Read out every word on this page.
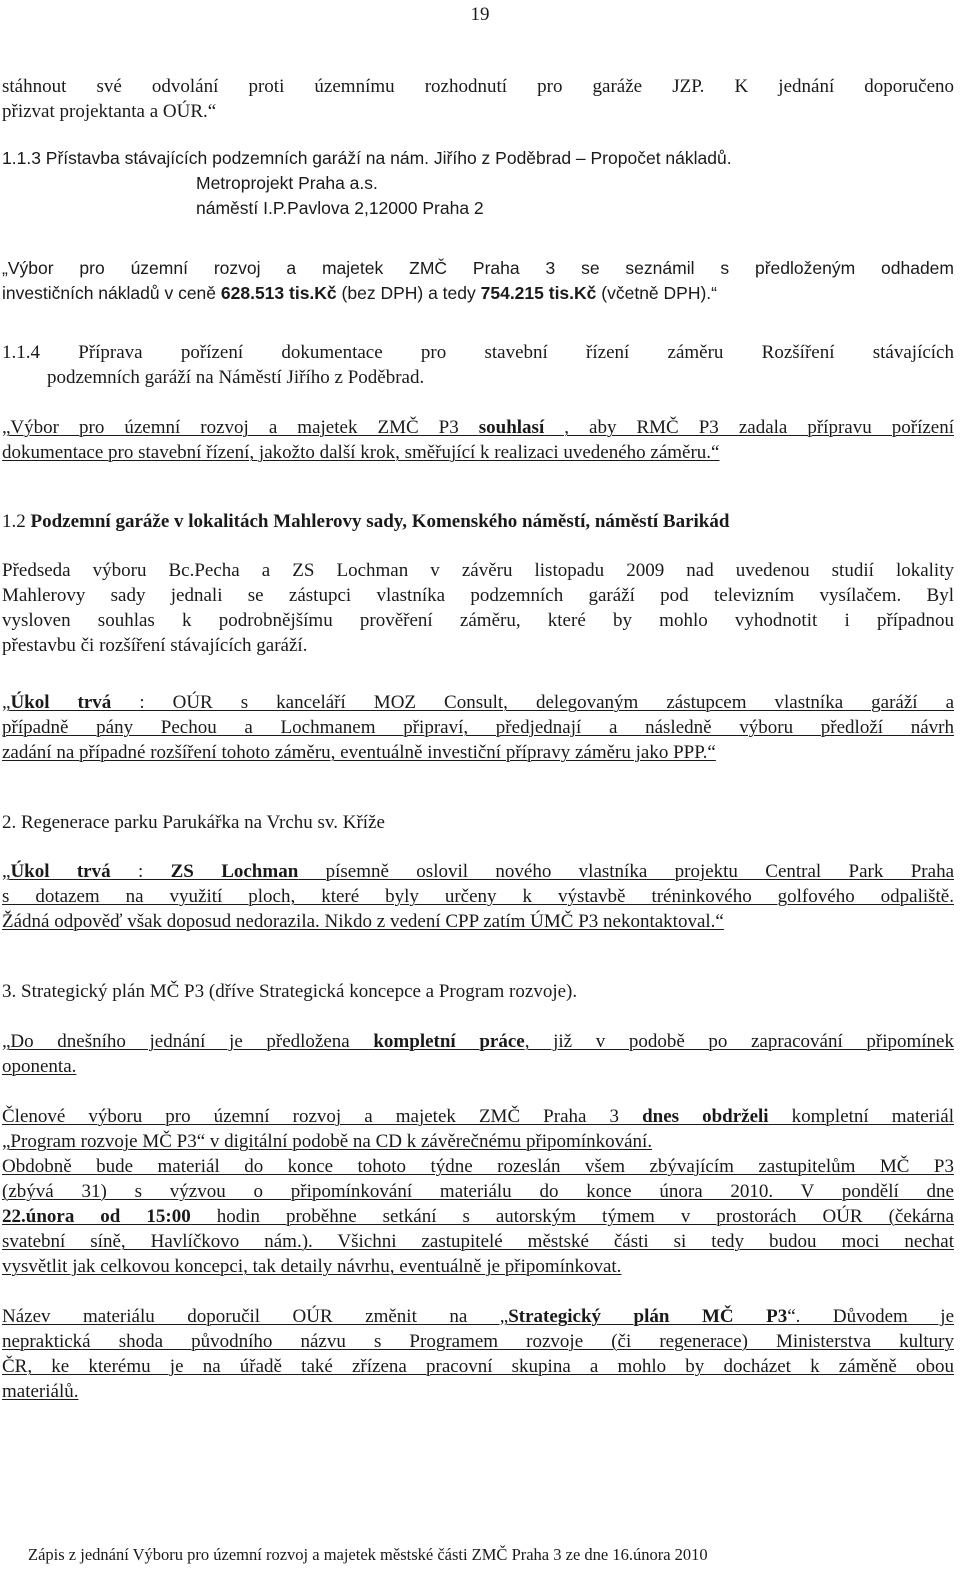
19
stáhnout své odvolání proti územnímu rozhodnutí pro garáže JZP. K jednání doporučeno
přizvat projektanta a OÚR.“
1.1.3 Přístavba stávajících podzemních garáží na nám. Jiřího z Poděbrad – Propočet nákladů.
Metroprojekt Praha a.s.
náměstí I.P.Pavlova 2,12000 Praha 2
„Výbor pro územní rozvoj a majetek ZMČ Praha 3 se seznámil s předloženým odhadem
investičních nákladů v ceně 628.513 tis.Kč (bez DPH) a tedy 754.215 tis.Kč (včetně DPH).“
1.1.4 Příprava pořízení dokumentace pro stavební řízení záměru Rozšíření stávajících
podzemních garáží na Náměstí Jiřího z Poděbrad.
„Výbor pro územní rozvoj a majetek ZMČ P3 souhlasí , aby RMČ P3 zadala přípravu pořízení
dokumentace pro stavební řízení, jakožto další krok, směřující k realizaci uvedeného záměru.“
1.2 Podzemní garáže v lokalitách Mahlerovy sady, Komenského náměstí, náměstí Barikád
Předseda výboru Bc.Pecha a ZS Lochman v závěru listopadu 2009 nad uvedenou studií lokality
Mahlerovy sady jednali se zástupci vlastníka podzemních garáží pod televizním vysílačem. Byl
vysloven souhlas k podrobnějšímu prověření záměru, které by mohlo vyhodnotit i případnou
přestavbu či rozšíření stávajících garáží.
„Úkol trvá : OÚR s kanceláří MOZ Consult, delegovaným zástupcem vlastníka garáží a
případně pány Pechou a Lochmanem připraví, předjednají a následně výboru předloží návrh
zadání na případné rozšíření tohoto záměru, eventuálně investiční přípravy záměru jako PPP.“
2. Regenerace parku Parukářka na Vrchu sv. Kříže
„Úkol trvá : ZS Lochman písemně oslovil nového vlastníka projektu Central Park Praha
s dotazem na využití ploch, které byly určeny k výstavbě tréninkového golfového odpaliště.
Žádná odpověď však doposud nedorazila. Nikdo z vedení CPP zatím ÚMČ P3 nekontaktoval.“
3. Strategický plán MČ P3 (dříve Strategická koncepce a Program rozvoje).
„Do dnešního jednání je předložena kompletní práce, již v podobě po zapracování připomínek
oponenta.
Členové výboru pro územní rozvoj a majetek ZMČ Praha 3 dnes obdrželi kompletní materiál
„Program rozvoje MČ P3“ v digitální podobě na CD k závěrečnému připomínkování.
Obdobně bude materiál do konce tohoto týdne rozeslán všem zbývajícím zastupitelům MČ P3
(zbývá 31) s výzvou o připomínkování materiálu do konce února 2010. V pondělí dne
22.února od 15:00 hodin proběhne setkání s autorským týmem v prostorách OÚR (čekárna
svatební síně, Havlíčkovo nám.). Všichni zastupitelé městské části si tedy budou moci nechat
vysvětlit jak celkovou koncepci, tak detaily návrhu, eventuálně je připomínkovat.
Název materiálu doporučil OÚR změnit na „Strategický plán MČ P3“. Důvodem je
nepraktická shoda původního názvu s Programem rozvoje (či regenerace) Ministerstva kultury
ČR, ke kterému je na úřadě také zřízena pracovní skupina a mohlo by docházet k záměně obou
materiálů.
Zápis z jednání Výboru pro územní rozvoj a majetek městské části ZMČ Praha 3 ze dne 16.února 2010
